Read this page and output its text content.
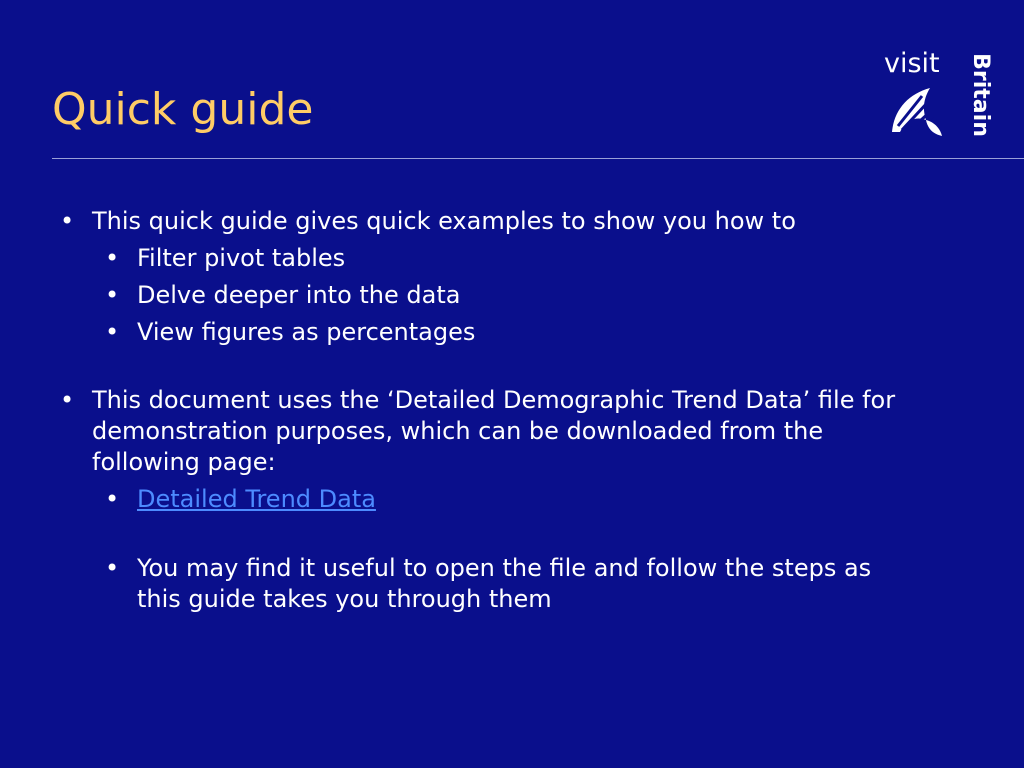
Quick guide
visit Britain
• This quick guide gives quick examples to show you how to
• Filter pivot tables
• Delve deeper into the data
• View figures as percentages
• This document uses the ‘Detailed Demographic Trend Data’ file for demonstration purposes, which can be downloaded from the following page:
• Detailed Trend Data
• You may find it useful to open the file and follow the steps as this guide takes you through them
